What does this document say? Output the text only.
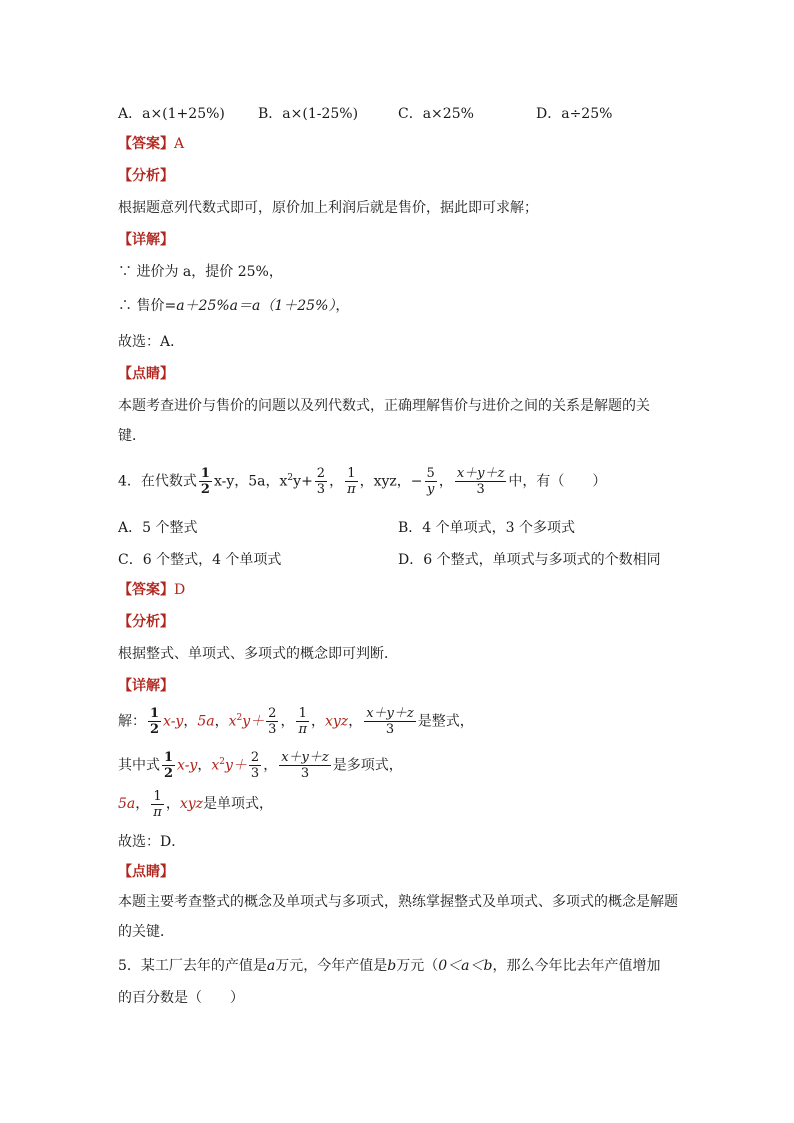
A．a×(1+25%) B．a×(1-25%)	C．a×25%	D．a÷25%
【答案】A
【分析】
根据题意列代数式即可，原价加上利润后就是售价，据此即可求解；
【详解】
∵ 进价为 a，提价 25%，
∴ 售价=a＋25%a＝a（1＋25%），
故选：A．
【点睛】
本题考查进价与售价的问题以及列代数式，正确理解售价与进价之间的关系是解题的关
键．
4．在代数式 $\frac{1}{2} x-y$，5a，$x^2y+ \frac{2}{3}$ ， $\frac{1}{\pi}$ ，xyz，− $\frac{5}{y}$ ， $\frac{x+y+z}{3}$ 中，有（　　）
A．5 个整式	B．4 个单项式，3 个多项式
C．6 个整式，4 个单项式	D．6 个整式，单项式与多项式的个数相同
【答案】D
【分析】
根据整式、单项式、多项式的概念即可判断．
【详解】
解： $\frac{1}{2} x-y$，5a，$x^2y+ \frac{2}{3}$ ， $\frac{1}{\pi}$ ，xyz， $\frac{x+y+z}{3}$ 是整式，
其中式 $\frac{1}{2} x-y$，$x^2y+ \frac{2}{3}$ ， $\frac{x+y+z}{3}$ 是多项式，
5a， $\frac{1}{\pi}$ ，xyz是单项式，
故选：D．
【点睛】
本题主要考查整式的概念及单项式与多项式，熟练掌握整式及单项式、多项式的概念是解题
的关键．
5．某工厂去年的产值是a万元，今年产值是b万元（0＜a＜b，那么今年比去年产值增加
的百分数是（　　）
